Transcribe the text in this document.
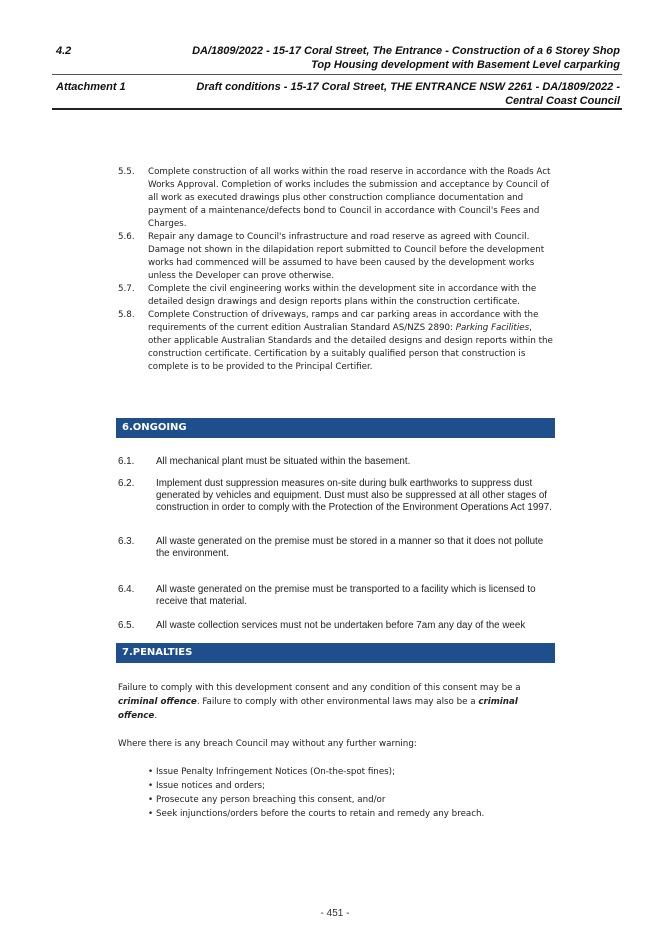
4.2	DA/1809/2022 - 15-17 Coral Street, The Entrance - Construction of a 6 Storey Shop
Top Housing development with Basement Level carparking
Attachment 1	Draft conditions - 15-17 Coral Street, THE ENTRANCE NSW 2261 - DA/1809/2022 -
Central Coast Council
5.5.	Complete construction of all works within the road reserve in accordance with the Roads Act Works Approval. Completion of works includes the submission and acceptance by Council of all work as executed drawings plus other construction compliance documentation and payment of a maintenance/defects bond to Council in accordance with Council's Fees and Charges.
5.6.	Repair any damage to Council's infrastructure and road reserve as agreed with Council. Damage not shown in the dilapidation report submitted to Council before the development works had commenced will be assumed to have been caused by the development works unless the Developer can prove otherwise.
5.7.	Complete the civil engineering works within the development site in accordance with the detailed design drawings and design reports plans within the construction certificate.
5.8.	Complete Construction of driveways, ramps and car parking areas in accordance with the requirements of the current edition Australian Standard AS/NZS 2890: Parking Facilities, other applicable Australian Standards and the detailed designs and design reports within the construction certificate. Certification by a suitably qualified person that construction is complete is to be provided to the Principal Certifier.
6.ONGOING
6.1.	All mechanical plant must be situated within the basement.
6.2.	Implement dust suppression measures on-site during bulk earthworks to suppress dust generated by vehicles and equipment. Dust must also be suppressed at all other stages of construction in order to comply with the Protection of the Environment Operations Act 1997.
6.3.	All waste generated on the premise must be stored in a manner so that it does not pollute the environment.
6.4.	All waste generated on the premise must be transported to a facility which is licensed to receive that material.
6.5.	All waste collection services must not be undertaken before 7am any day of the week
7.PENALTIES
Failure to comply with this development consent and any condition of this consent may be a criminal offence. Failure to comply with other environmental laws may also be a criminal offence.
Where there is any breach Council may without any further warning:
• Issue Penalty Infringement Notices (On-the-spot fines);
• Issue notices and orders;
• Prosecute any person breaching this consent, and/or
• Seek injunctions/orders before the courts to retain and remedy any breach.
- 451 -
